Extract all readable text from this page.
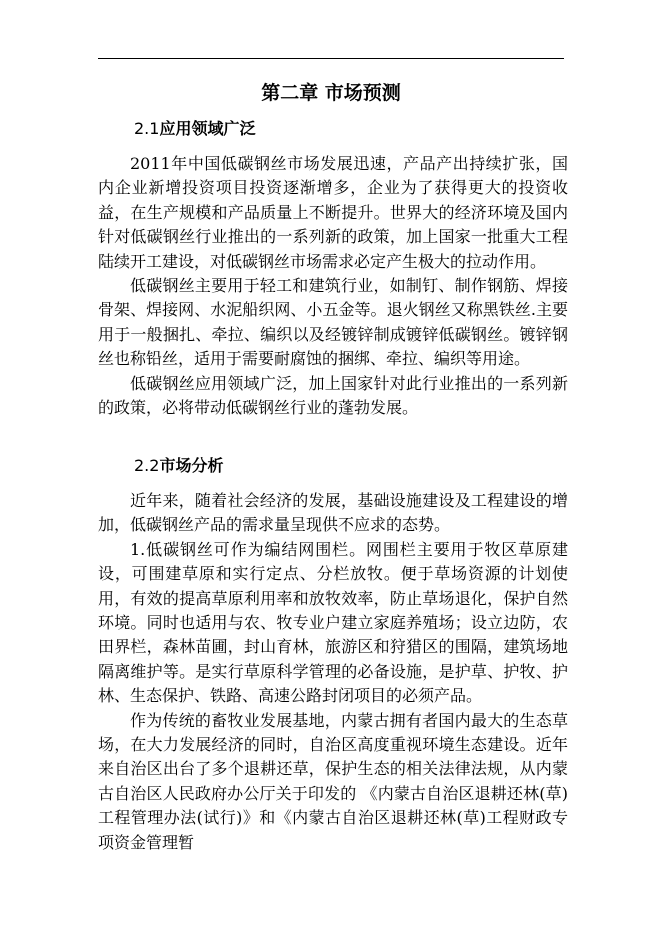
第二章 市场预测
2.1应用领域广泛

2011年中国低碳钢丝市场发展迅速，产品产出持续扩张，国内企业新增投资项目投资逐渐增多，企业为了获得更大的投资收益，在生产规模和产品质量上不断提升。世界大的经济环境及国内针对低碳钢丝行业推出的一系列新的政策，加上国家一批重大工程陆续开工建设，对低碳钢丝市场需求必定产生极大的拉动作用。

低碳钢丝主要用于轻工和建筑行业，如制钉、制作钢筋、焊接骨架、焊接网、水泥船织网、小五金等。退火钢丝又称黑铁丝.主要用于一般捆扎、牵拉、编织以及经镀锌制成镀锌低碳钢丝。镀锌钢丝也称铅丝，适用于需要耐腐蚀的捆绑、牵拉、编织等用途。

低碳钢丝应用领域广泛，加上国家针对此行业推出的一系列新的政策，必将带动低碳钢丝行业的蓬勃发展。

2.2市场分析

近年来，随着社会经济的发展，基础设施建设及工程建设的增加，低碳钢丝产品的需求量呈现供不应求的态势。

1.低碳钢丝可作为编结网围栏。网围栏主要用于牧区草原建设，可围建草原和实行定点、分栏放牧。便于草场资源的计划使用，有效的提高草原利用率和放牧效率，防止草场退化，保护自然环境。同时也适用与农、牧专业户建立家庭养殖场；设立边防，农田界栏，森林苗圃，封山育林，旅游区和狩猎区的围隔，建筑场地隔离维护等。是实行草原科学管理的必备设施，是护草、护牧、护林、生态保护、铁路、高速公路封闭项目的必须产品。

作为传统的畜牧业发展基地，内蒙古拥有者国内最大的生态草场，在大力发展经济的同时，自治区高度重视环境生态建设。近年来自治区出台了多个退耕还草，保护生态的相关法律法规，从内蒙古自治区人民政府办公厅关于印发的 《内蒙古自治区退耕还林(草)工程管理办法(试行)》和《内蒙古自治区退耕还林(草)工程财政专项资金管理暂
